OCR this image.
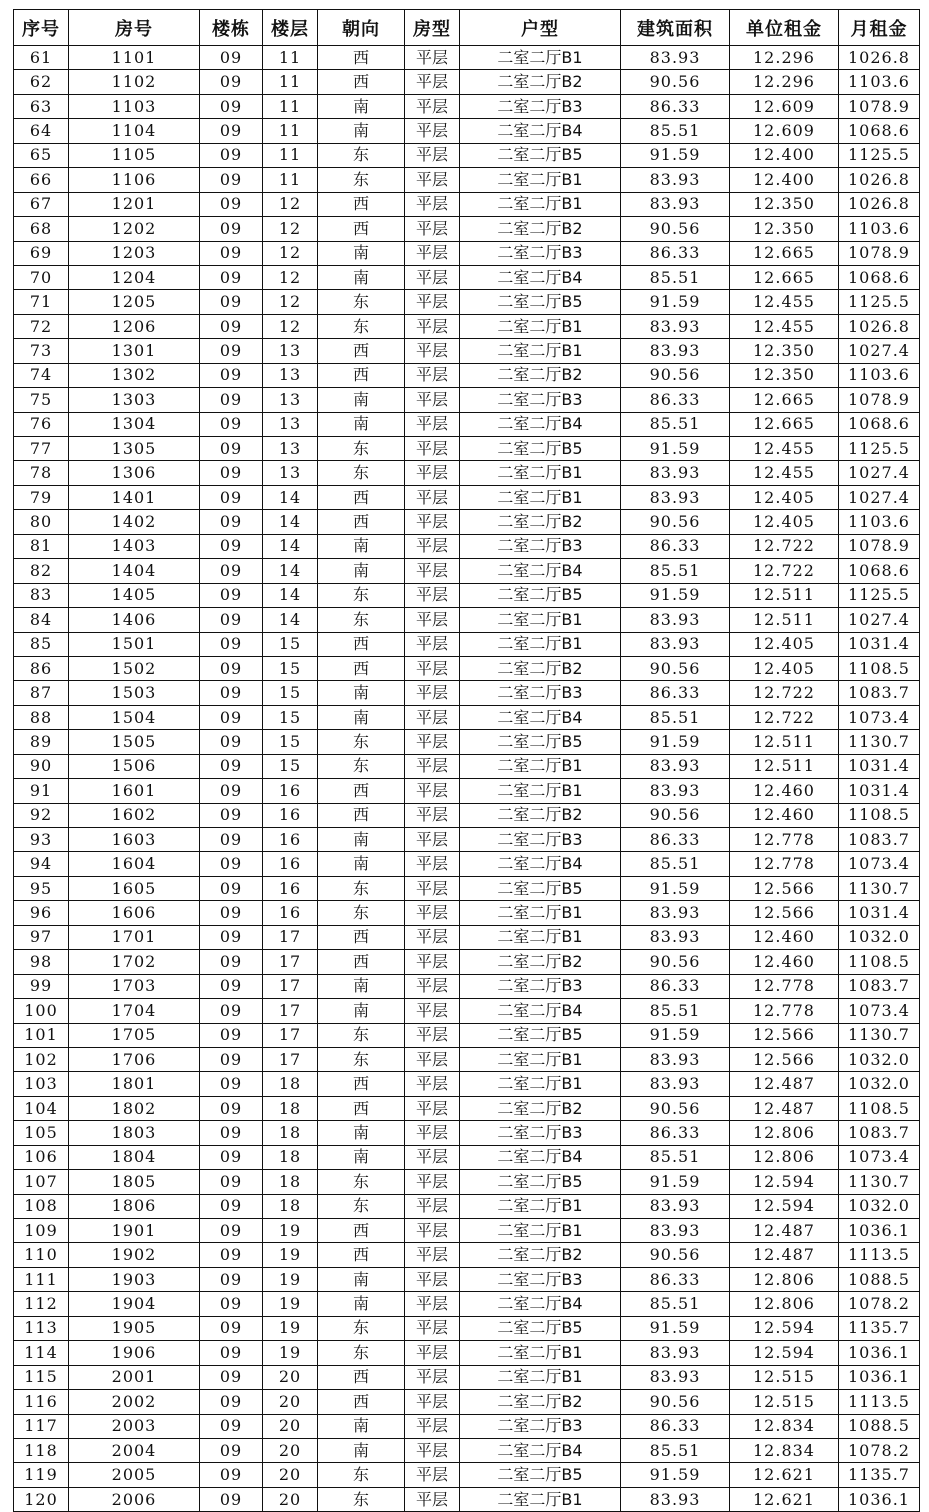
序号	房号	楼栋	楼层	朝向	房型	户型	建筑面积	单位租金	月租金
61	1101	09	11	西	平层	二室二厅B1	83.93	12.296	1026.8
62	1102	09	11	西	平层	二室二厅B2	90.56	12.296	1103.6
63	1103	09	11	南	平层	二室二厅B3	86.33	12.609	1078.9
64	1104	09	11	南	平层	二室二厅B4	85.51	12.609	1068.6
65	1105	09	11	东	平层	二室二厅B5	91.59	12.400	1125.5
66	1106	09	11	东	平层	二室二厅B1	83.93	12.400	1026.8
67	1201	09	12	西	平层	二室二厅B1	83.93	12.350	1026.8
68	1202	09	12	西	平层	二室二厅B2	90.56	12.350	1103.6
69	1203	09	12	南	平层	二室二厅B3	86.33	12.665	1078.9
70	1204	09	12	南	平层	二室二厅B4	85.51	12.665	1068.6
71	1205	09	12	东	平层	二室二厅B5	91.59	12.455	1125.5
72	1206	09	12	东	平层	二室二厅B1	83.93	12.455	1026.8
73	1301	09	13	西	平层	二室二厅B1	83.93	12.350	1027.4
74	1302	09	13	西	平层	二室二厅B2	90.56	12.350	1103.6
75	1303	09	13	南	平层	二室二厅B3	86.33	12.665	1078.9
76	1304	09	13	南	平层	二室二厅B4	85.51	12.665	1068.6
77	1305	09	13	东	平层	二室二厅B5	91.59	12.455	1125.5
78	1306	09	13	东	平层	二室二厅B1	83.93	12.455	1027.4
79	1401	09	14	西	平层	二室二厅B1	83.93	12.405	1027.4
80	1402	09	14	西	平层	二室二厅B2	90.56	12.405	1103.6
81	1403	09	14	南	平层	二室二厅B3	86.33	12.722	1078.9
82	1404	09	14	南	平层	二室二厅B4	85.51	12.722	1068.6
83	1405	09	14	东	平层	二室二厅B5	91.59	12.511	1125.5
84	1406	09	14	东	平层	二室二厅B1	83.93	12.511	1027.4
85	1501	09	15	西	平层	二室二厅B1	83.93	12.405	1031.4
86	1502	09	15	西	平层	二室二厅B2	90.56	12.405	1108.5
87	1503	09	15	南	平层	二室二厅B3	86.33	12.722	1083.7
88	1504	09	15	南	平层	二室二厅B4	85.51	12.722	1073.4
89	1505	09	15	东	平层	二室二厅B5	91.59	12.511	1130.7
90	1506	09	15	东	平层	二室二厅B1	83.93	12.511	1031.4
91	1601	09	16	西	平层	二室二厅B1	83.93	12.460	1031.4
92	1602	09	16	西	平层	二室二厅B2	90.56	12.460	1108.5
93	1603	09	16	南	平层	二室二厅B3	86.33	12.778	1083.7
94	1604	09	16	南	平层	二室二厅B4	85.51	12.778	1073.4
95	1605	09	16	东	平层	二室二厅B5	91.59	12.566	1130.7
96	1606	09	16	东	平层	二室二厅B1	83.93	12.566	1031.4
97	1701	09	17	西	平层	二室二厅B1	83.93	12.460	1032.0
98	1702	09	17	西	平层	二室二厅B2	90.56	12.460	1108.5
99	1703	09	17	南	平层	二室二厅B3	86.33	12.778	1083.7
100	1704	09	17	南	平层	二室二厅B4	85.51	12.778	1073.4
101	1705	09	17	东	平层	二室二厅B5	91.59	12.566	1130.7
102	1706	09	17	东	平层	二室二厅B1	83.93	12.566	1032.0
103	1801	09	18	西	平层	二室二厅B1	83.93	12.487	1032.0
104	1802	09	18	西	平层	二室二厅B2	90.56	12.487	1108.5
105	1803	09	18	南	平层	二室二厅B3	86.33	12.806	1083.7
106	1804	09	18	南	平层	二室二厅B4	85.51	12.806	1073.4
107	1805	09	18	东	平层	二室二厅B5	91.59	12.594	1130.7
108	1806	09	18	东	平层	二室二厅B1	83.93	12.594	1032.0
109	1901	09	19	西	平层	二室二厅B1	83.93	12.487	1036.1
110	1902	09	19	西	平层	二室二厅B2	90.56	12.487	1113.5
111	1903	09	19	南	平层	二室二厅B3	86.33	12.806	1088.5
112	1904	09	19	南	平层	二室二厅B4	85.51	12.806	1078.2
113	1905	09	19	东	平层	二室二厅B5	91.59	12.594	1135.7
114	1906	09	19	东	平层	二室二厅B1	83.93	12.594	1036.1
115	2001	09	20	西	平层	二室二厅B1	83.93	12.515	1036.1
116	2002	09	20	西	平层	二室二厅B2	90.56	12.515	1113.5
117	2003	09	20	南	平层	二室二厅B3	86.33	12.834	1088.5
118	2004	09	20	南	平层	二室二厅B4	85.51	12.834	1078.2
119	2005	09	20	东	平层	二室二厅B5	91.59	12.621	1135.7
120	2006	09	20	东	平层	二室二厅B1	83.93	12.621	1036.1
